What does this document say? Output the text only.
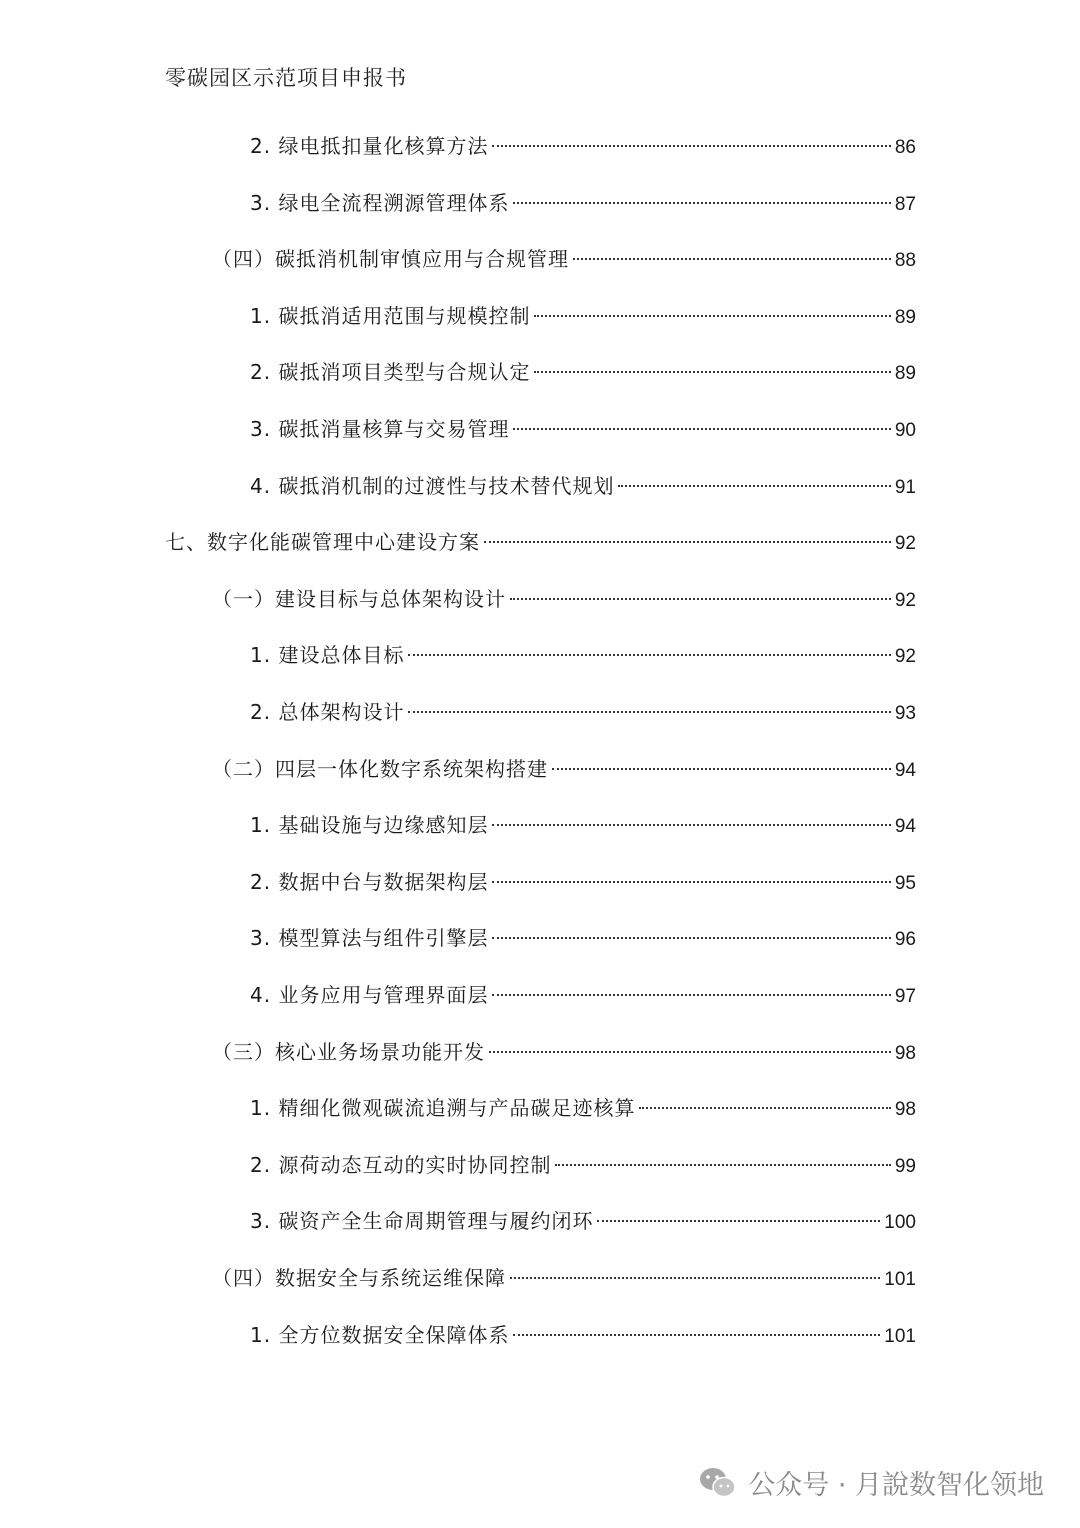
零碳园区示范项目申报书
2. 绿电抵扣量化核算方法	86
3. 绿电全流程溯源管理体系	87
（四）碳抵消机制审慎应用与合规管理	88
1. 碳抵消适用范围与规模控制	89
2. 碳抵消项目类型与合规认定	89
3. 碳抵消量核算与交易管理	90
4. 碳抵消机制的过渡性与技术替代规划	91
七、数字化能碳管理中心建设方案	92
（一）建设目标与总体架构设计	92
1. 建设总体目标	92
2. 总体架构设计	93
（二）四层一体化数字系统架构搭建	94
1. 基础设施与边缘感知层	94
2. 数据中台与数据架构层	95
3. 模型算法与组件引擎层	96
4. 业务应用与管理界面层	97
（三）核心业务场景功能开发	98
1. 精细化微观碳流追溯与产品碳足迹核算	98
2. 源荷动态互动的实时协同控制	99
3. 碳资产全生命周期管理与履约闭环	100
（四）数据安全与系统运维保障	101
1. 全方位数据安全保障体系	101
公众号 · 月說数智化领地
